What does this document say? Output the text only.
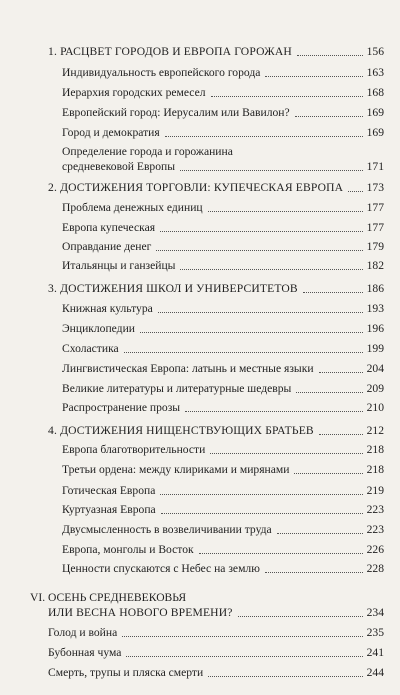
1. РАСЦВЕТ ГОРОДОВ И ЕВРОПА ГОРОЖАН	156
Индивидуальность европейского города	163
Иерархия городских ремесел	168
Европейский город: Иерусалим или Вавилон?	169
Город и демократия	169
Определение города и горожанина
средневековой Европы	171
2. ДОСТИЖЕНИЯ ТОРГОВЛИ: КУПЕЧЕСКАЯ ЕВРОПА 173
Проблема денежных единиц	177
Европа купеческая	177
Оправдание денег	179
Итальянцы и ганзейцы	182
3. ДОСТИЖЕНИЯ ШКОЛ И УНИВЕРСИТЕТОВ	186
Книжная культура	193
Энциклопедии	196
Схоластика	199
Лингвистическая Европа: латынь и местные языки	204
Великие литературы и литературные шедевры	209
Распространение прозы	210
4. ДОСТИЖЕНИЯ НИЩЕНСТВУЮЩИХ БРАТЬЕВ	212
Европа благотворительности	218
Третьи ордена: между клириками и мирянами	218
Готическая Европа	219
Куртуазная Европа	223
Двусмысленность в возвеличивании труда	223
Европа, монголы и Восток	226
Ценности спускаются с Небес на землю	228
VI. ОСЕНЬ СРЕДНЕВЕКОВЬЯ
ИЛИ ВЕСНА НОВОГО ВРЕМЕНИ?	234
Голод и война	235
Бубонная чума	241
Смерть, трупы и пляска смерти	244
